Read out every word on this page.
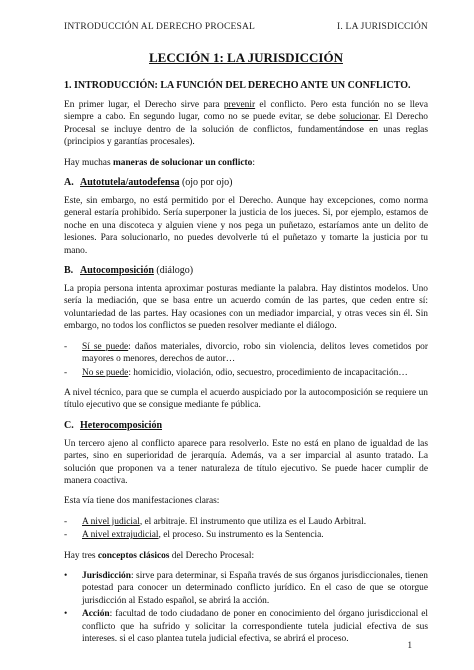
INTRODUCCIÓN AL DERECHO PROCESAL	I. LA JURISDICCIÓN
LECCIÓN 1: LA JURISDICCIÓN
1. INTRODUCCIÓN: LA FUNCIÓN DEL DERECHO ANTE UN CONFLICTO.

En primer lugar, el Derecho sirve para prevenir el conflicto. Pero esta función no se lleva siempre a cabo. En segundo lugar, como no se puede evitar, se debe solucionar. El Derecho Procesal se incluye dentro de la solución de conflictos, fundamentándose en unas reglas (principios y garantías procesales).

Hay muchas maneras de solucionar un conflicto:

A. Autotutela/autodefensa (ojo por ojo)

Este, sin embargo, no está permitido por el Derecho. Aunque hay excepciones, como norma general estaría prohibido. Sería superponer la justicia de los jueces. Si, por ejemplo, estamos de noche en una discoteca y alguien viene y nos pega un puñetazo, estaríamos ante un delito de lesiones. Para solucionarlo, no puedes devolverle tú el puñetazo y tomarte la justicia por tu mano.

B. Autocomposición (diálogo)

La propia persona intenta aproximar posturas mediante la palabra. Hay distintos modelos. Uno sería la mediación, que se basa entre un acuerdo común de las partes, que ceden entre sí: voluntariedad de las partes. Hay ocasiones con un mediador imparcial, y otras veces sin él. Sin embargo, no todos los conflictos se pueden resolver mediante el diálogo.

- Sí se puede: daños materiales, divorcio, robo sin violencia, delitos leves cometidos por mayores o menores, derechos de autor…
- No se puede: homicidio, violación, odio, secuestro, procedimiento de incapacitación…

A nivel técnico, para que se cumpla el acuerdo auspiciado por la autocomposición se requiere un título ejecutivo que se consigue mediante fe pública.

C. Heterocomposición

Un tercero ajeno al conflicto aparece para resolverlo. Este no está en plano de igualdad de las partes, sino en superioridad de jerarquía. Además, va a ser imparcial al asunto tratado. La solución que proponen va a tener naturaleza de título ejecutivo. Se puede hacer cumplir de manera coactiva.

Esta vía tiene dos manifestaciones claras:

- A nivel judicial, el arbitraje. El instrumento que utiliza es el Laudo Arbitral.
- A nivel extrajudicial, el proceso. Su instrumento es la Sentencia.

Hay tres conceptos clásicos del Derecho Procesal:

• Jurisdicción: sirve para determinar, si España través de sus órganos jurisdiccionales, tienen potestad para conocer un determinado conflicto jurídico. En el caso de que se otorgue jurisdicción al Estado español, se abrirá la acción.
• Acción: facultad de todo ciudadano de poner en conocimiento del órgano jurisdiccional el conflicto que ha sufrido y solicitar la correspondiente tutela judicial efectiva de sus intereses. si el caso plantea tutela judicial efectiva, se abrirá el proceso.
1
